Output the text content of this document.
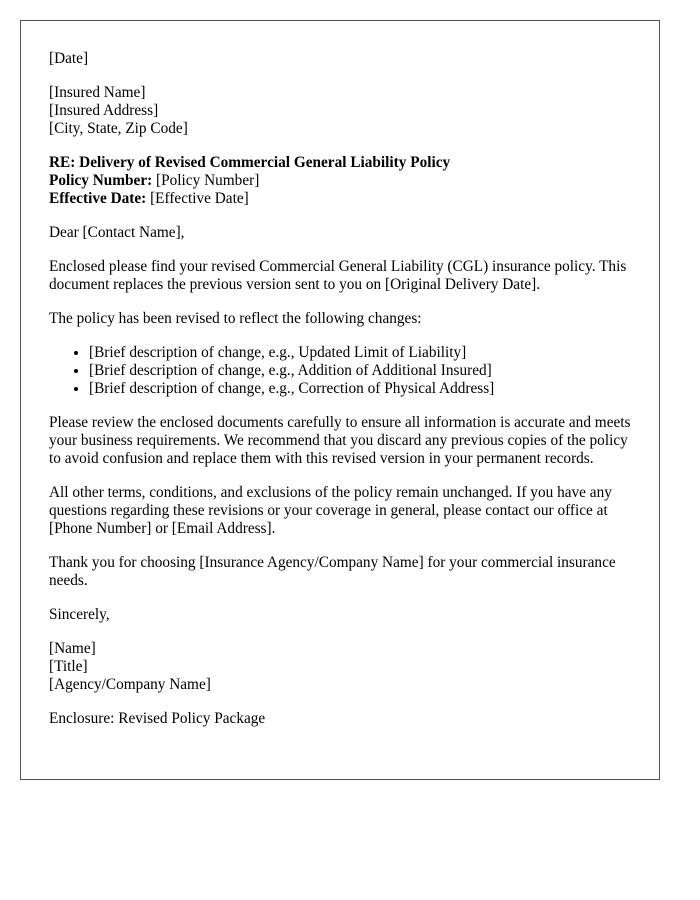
[Date]

[Insured Name]
[Insured Address]
[City, State, Zip Code]
RE: Delivery of Revised Commercial General Liability Policy
Policy Number: [Policy Number]
Effective Date: [Effective Date]

Dear [Contact Name],

Enclosed please find your revised Commercial General Liability (CGL) insurance policy. This document replaces the previous version sent to you on [Original Delivery Date].

The policy has been revised to reflect the following changes:

• [Brief description of change, e.g., Updated Limit of Liability]
• [Brief description of change, e.g., Addition of Additional Insured]
• [Brief description of change, e.g., Correction of Physical Address]

Please review the enclosed documents carefully to ensure all information is accurate and meets your business requirements. We recommend that you discard any previous copies of the policy to avoid confusion and replace them with this revised version in your permanent records.

All other terms, conditions, and exclusions of the policy remain unchanged. If you have any questions regarding these revisions or your coverage in general, please contact our office at [Phone Number] or [Email Address].

Thank you for choosing [Insurance Agency/Company Name] for your commercial insurance needs.

Sincerely,

[Name]
[Title]
[Agency/Company Name]

Enclosure: Revised Policy Package
